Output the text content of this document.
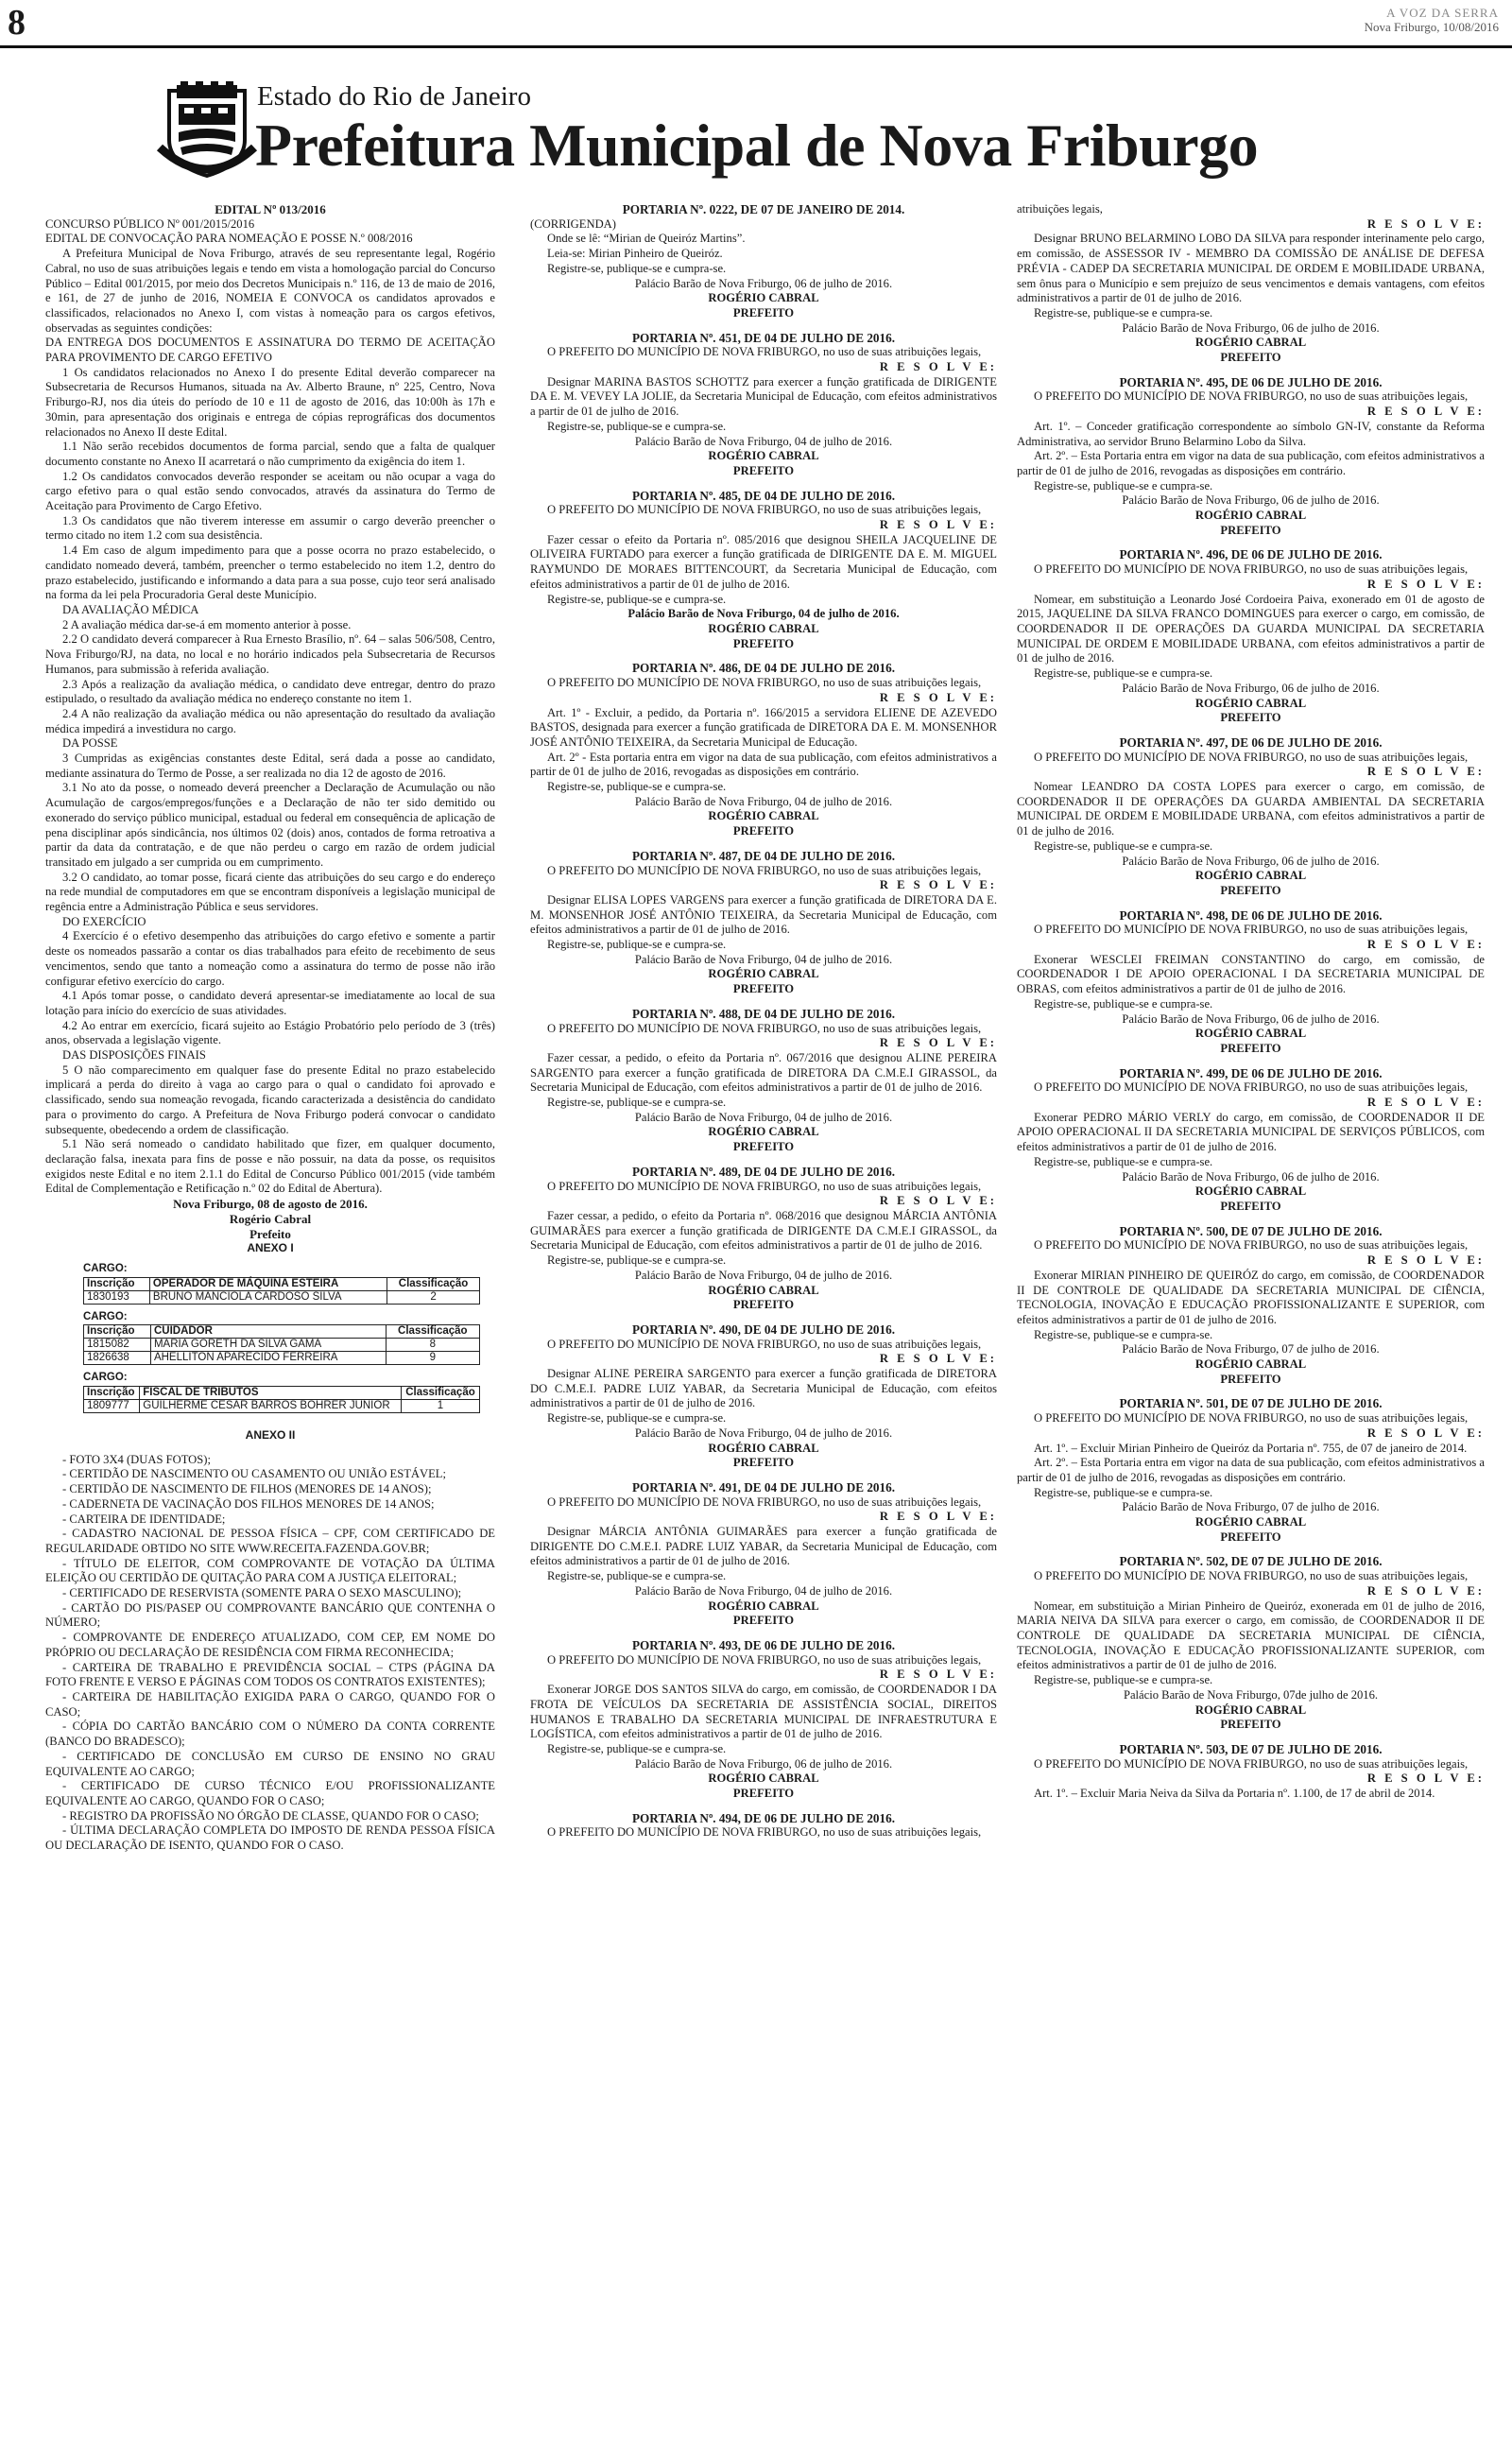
8	A VOZ DA SERRA
Nova Friburgo, 10/08/2016
Estado do Rio de Janeiro
Prefeitura Municipal de Nova Friburgo

EDITAL Nº 013/2016

CONCURSO PÚBLICO Nº 001/2015/2016

EDITAL DE CONVOCAÇÃO PARA NOMEAÇÃO E POSSE N.º 008/2016

A Prefeitura Municipal de Nova Friburgo, através de seu representante legal, Rogério Cabral, no uso de suas atribuições legais e tendo em vista a homologação parcial do Concurso Público – Edital 001/2015, por meio dos Decretos Municipais n.º 116, de 13 de maio de 2016, e 161, de 27 de junho de 2016, NOMEIA E CONVOCA os candidatos aprovados e classificados, relacionados no Anexo I, com vistas à nomeação para os cargos efetivos, observadas as seguintes condições:

DA ENTREGA DOS DOCUMENTOS E ASSINATURA DO TERMO DE ACEITAÇÃO PARA PROVIMENTO DE CARGO EFETIVO

1 Os candidatos relacionados no Anexo I do presente Edital deverão comparecer na Subsecretaria de Recursos Humanos, situada na Av. Alberto Braune, nº 225, Centro, Nova Friburgo-RJ, nos dia úteis do período de 10 e 11 de agosto de 2016, das 10:00h às 17h e 30min, para apresentação dos originais e entrega de cópias reprográficas dos documentos relacionados no Anexo II deste Edital.

1.1 Não serão recebidos documentos de forma parcial, sendo que a falta de qualquer documento constante no Anexo II acarretará o não cumprimento da exigência do item 1.

1.2 Os candidatos convocados deverão responder se aceitam ou não ocupar a vaga do cargo efetivo para o qual estão sendo convocados, através da assinatura do Termo de Aceitação para Provimento de Cargo Efetivo.

1.3 Os candidatos que não tiverem interesse em assumir o cargo deverão preencher o termo citado no item 1.2 com sua desistência.

1.4 Em caso de algum impedimento para que a posse ocorra no prazo estabelecido, o candidato nomeado deverá, também, preencher o termo estabelecido no item 1.2, dentro do prazo estabelecido, justificando e informando a data para a sua posse, cujo teor será analisado na forma da lei pela Procuradoria Geral deste Município.

DA AVALIAÇÃO MÉDICA

2 A avaliação médica dar-se-á em momento anterior à posse.

2.2 O candidato deverá comparecer à Rua Ernesto Brasílio, nº. 64 – salas 506/508, Centro, Nova Friburgo/RJ, na data, no local e no horário indicados pela Subsecretaria de Recursos Humanos, para submissão à referida avaliação.

2.3 Após a realização da avaliação médica, o candidato deve entregar, dentro do prazo estipulado, o resultado da avaliação médica no endereço constante no item 1.

2.4 A não realização da avaliação médica ou não apresentação do resultado da avaliação médica impedirá a investidura no cargo.

DA POSSE

3 Cumpridas as exigências constantes deste Edital, será dada a posse ao candidato, mediante assinatura do Termo de Posse, a ser realizada no dia 12 de agosto de 2016.

3.1 No ato da posse, o nomeado deverá preencher a Declaração de Acumulação ou não Acumulação de cargos/empregos/funções e a Declaração de não ter sido demitido ou exonerado do serviço público municipal, estadual ou federal em consequência de aplicação de pena disciplinar após sindicância, nos últimos 02 (dois) anos, contados de forma retroativa a partir da data da contratação, e de que não perdeu o cargo em razão de ordem judicial transitado em julgado a ser cumprida ou em cumprimento.

3.2 O candidato, ao tomar posse, ficará ciente das atribuições do seu cargo e do endereço na rede mundial de computadores em que se encontram disponíveis a legislação municipal de regência entre a Administração Pública e seus servidores.

DO EXERCÍCIO

4 Exercício é o efetivo desempenho das atribuições do cargo efetivo e somente a partir deste os nomeados passarão a contar os dias trabalhados para efeito de recebimento de seus vencimentos, sendo que tanto a nomeação como a assinatura do termo de posse não irão configurar efetivo exercício do cargo.

4.1 Após tomar posse, o candidato deverá apresentar-se imediatamente ao local de sua lotação para início do exercício de suas atividades.

4.2 Ao entrar em exercício, ficará sujeito ao Estágio Probatório pelo período de 3 (três) anos, observada a legislação vigente.

DAS DISPOSIÇÕES FINAIS

5 O não comparecimento em qualquer fase do presente Edital no prazo estabelecido implicará a perda do direito à vaga ao cargo para o qual o candidato foi aprovado e classificado, sendo sua nomeação revogada, ficando caracterizada a desistência do candidato para o provimento do cargo. A Prefeitura de Nova Friburgo poderá convocar o candidato subsequente, obedecendo a ordem de classificação.

5.1 Não será nomeado o candidato habilitado que fizer, em qualquer documento, declaração falsa, inexata para fins de posse e não possuir, na data da posse, os requisitos exigidos neste Edital e no item 2.1.1 do Edital de Concurso Público 001/2015 (vide também Edital de Complementação e Retificação n.º 02 do Edital de Abertura).

Nova Friburgo, 08 de agosto de 2016.

Rogério Cabral

Prefeito

ANEXO I

CARGO:
Inscrição	OPERADOR DE MÁQUINA ESTEIRA	Classificação
1830193	BRUNO MANCIOLA CARDOSO SILVA	2
CARGO:
Inscrição	CUIDADOR	Classificação
1815082	MARIA GORETH DA SILVA GAMA	8
1826638	AHELLITON APARECIDO FERREIRA	9
CARGO:
Inscrição	FISCAL DE TRIBUTOS	Classificação
1809777	GUILHERME CESAR BARROS BOHRER JUNIOR	1

ANEXO II

- FOTO 3X4 (DUAS FOTOS);

- CERTIDÃO DE NASCIMENTO OU CASAMENTO OU UNIÃO ESTÁVEL;

- CERTIDÃO DE NASCIMENTO DE FILHOS (MENORES DE 14 ANOS);

- CADERNETA DE VACINAÇÃO DOS FILHOS MENORES DE 14 ANOS;

- CARTEIRA DE IDENTIDADE;

- CADASTRO NACIONAL DE PESSOA FÍSICA – CPF, COM CERTIFICADO DE REGULARIDADE OBTIDO NO SITE WWW.RECEITA.FAZENDA.GOV.BR;

- TÍTULO DE ELEITOR, COM COMPROVANTE DE VOTAÇÃO DA ÚLTIMA ELEIÇÃO OU CERTIDÃO DE QUITAÇÃO PARA COM A JUSTIÇA ELEITORAL;

- CERTIFICADO DE RESERVISTA (SOMENTE PARA O SEXO MASCULINO);

- CARTÃO DO PIS/PASEP OU COMPROVANTE BANCÁRIO QUE CONTENHA O NÚMERO;

- COMPROVANTE DE ENDEREÇO ATUALIZADO, COM CEP, EM NOME DO PRÓPRIO OU DECLARAÇÃO DE RESIDÊNCIA COM FIRMA RECONHECIDA;

- CARTEIRA DE TRABALHO E PREVIDÊNCIA SOCIAL – CTPS (PÁGINA DA FOTO FRENTE E VERSO E PÁGINAS COM TODOS OS CONTRATOS EXISTENTES);

- CARTEIRA DE HABILITAÇÃO EXIGIDA PARA O CARGO, QUANDO FOR O CASO;

- CÓPIA DO CARTÃO BANCÁRIO COM O NÚMERO DA CONTA CORRENTE (BANCO DO BRADESCO);

- CERTIFICADO DE CONCLUSÃO EM CURSO DE ENSINO NO GRAU EQUIVALENTE AO CARGO;

- CERTIFICADO DE CURSO TÉCNICO E/OU PROFISSIONALIZANTE EQUIVALENTE AO CARGO, QUANDO FOR O CASO;

- REGISTRO DA PROFISSÃO NO ÓRGÃO DE CLASSE, QUANDO FOR O CASO;

- ÚLTIMA DECLARAÇÃO COMPLETA DO IMPOSTO DE RENDA PESSOA FÍSICA OU DECLARAÇÃO DE ISENTO, QUANDO FOR O CASO.

PORTARIA Nº. 0222, DE 07 DE JANEIRO DE 2014.

(CORRIGENDA)

Onde se lê: “Mirian de Queiróz Martins”.

Leia-se: Mirian Pinheiro de Queiróz.

Registre-se, publique-se e cumpra-se.

Palácio Barão de Nova Friburgo, 06 de julho de 2016.

ROGÉRIO CABRAL

PREFEITO

PORTARIA Nº. 451, DE 04 DE JULHO DE 2016.

O PREFEITO DO MUNICÍPIO DE NOVA FRIBURGO, no uso de suas atribuições legais,

R E S O L V E:

Designar MARINA BASTOS SCHOTTZ para exercer a função gratificada de DIRIGENTE DA E. M. VEVEY LA JOLIE, da Secretaria Municipal de Educação, com efeitos administrativos a partir de 01 de julho de 2016.

Registre-se, publique-se e cumpra-se.

Palácio Barão de Nova Friburgo, 04 de julho de 2016.

ROGÉRIO CABRAL

PREFEITO

PORTARIA Nº. 485, DE 04 DE JULHO DE 2016.

O PREFEITO DO MUNICÍPIO DE NOVA FRIBURGO, no uso de suas atribuições legais,

R E S O L V E:

Fazer cessar o efeito da Portaria nº. 085/2016 que designou SHEILA JACQUELINE DE OLIVEIRA FURTADO para exercer a função gratificada de DIRIGENTE DA E. M. MIGUEL RAYMUNDO DE MORAES BITTENCOURT, da Secretaria Municipal de Educação, com efeitos administrativos a partir de 01 de julho de 2016.

Registre-se, publique-se e cumpra-se.

Palácio Barão de Nova Friburgo, 04 de julho de 2016.

ROGÉRIO CABRAL

PREFEITO

PORTARIA Nº. 486, DE 04 DE JULHO DE 2016.

O PREFEITO DO MUNICÍPIO DE NOVA FRIBURGO, no uso de suas atribuições legais,

R E S O L V E:

Art. 1º - Excluir, a pedido, da Portaria nº. 166/2015 a servidora ELIENE DE AZEVEDO BASTOS, designada para exercer a função gratificada de DIRETORA DA E. M. MONSENHOR JOSÉ ANTÔNIO TEIXEIRA, da Secretaria Municipal de Educação.

Art. 2º - Esta portaria entra em vigor na data de sua publicação, com efeitos administrativos a partir de 01 de julho de 2016, revogadas as disposições em contrário.

Registre-se, publique-se e cumpra-se.

Palácio Barão de Nova Friburgo, 04 de julho de 2016.

ROGÉRIO CABRAL

PREFEITO

PORTARIA Nº. 487, DE 04 DE JULHO DE 2016.

O PREFEITO DO MUNICÍPIO DE NOVA FRIBURGO, no uso de suas atribuições legais,

R E S O L V E:

Designar ELISA LOPES VARGENS para exercer a função gratificada de DIRETORA DA E. M. MONSENHOR JOSÉ ANTÔNIO TEIXEIRA, da Secretaria Municipal de Educação, com efeitos administrativos a partir de 01 de julho de 2016.

Registre-se, publique-se e cumpra-se.

Palácio Barão de Nova Friburgo, 04 de julho de 2016.

ROGÉRIO CABRAL

PREFEITO

PORTARIA Nº. 488, DE 04 DE JULHO DE 2016.

O PREFEITO DO MUNICÍPIO DE NOVA FRIBURGO, no uso de suas atribuições legais,

R E S O L V E:

Fazer cessar, a pedido, o efeito da Portaria nº. 067/2016 que designou ALINE PEREIRA SARGENTO para exercer a função gratificada de DIRETORA DA C.M.E.I GIRASSOL, da Secretaria Municipal de Educação, com efeitos administrativos a partir de 01 de julho de 2016.

Registre-se, publique-se e cumpra-se.

Palácio Barão de Nova Friburgo, 04 de julho de 2016.

ROGÉRIO CABRAL

PREFEITO

PORTARIA Nº. 489, DE 04 DE JULHO DE 2016.

O PREFEITO DO MUNICÍPIO DE NOVA FRIBURGO, no uso de suas atribuições legais,

R E S O L V E:

Fazer cessar, a pedido, o efeito da Portaria nº. 068/2016 que designou MÁRCIA ANTÔNIA GUIMARÃES para exercer a função gratificada de DIRIGENTE DA C.M.E.I GIRASSOL, da Secretaria Municipal de Educação, com efeitos administrativos a partir de 01 de julho de 2016.

Registre-se, publique-se e cumpra-se.

Palácio Barão de Nova Friburgo, 04 de julho de 2016.

ROGÉRIO CABRAL

PREFEITO

PORTARIA Nº. 490, DE 04 DE JULHO DE 2016.

O PREFEITO DO MUNICÍPIO DE NOVA FRIBURGO, no uso de suas atribuições legais,

R E S O L V E:

Designar ALINE PEREIRA SARGENTO para exercer a função gratificada de DIRETORA DO C.M.E.I. PADRE LUIZ YABAR, da Secretaria Municipal de Educação, com efeitos administrativos a partir de 01 de julho de 2016.

Registre-se, publique-se e cumpra-se.

Palácio Barão de Nova Friburgo, 04 de julho de 2016.

ROGÉRIO CABRAL

PREFEITO

PORTARIA Nº. 491, DE 04 DE JULHO DE 2016.

O PREFEITO DO MUNICÍPIO DE NOVA FRIBURGO, no uso de suas atribuições legais,

R E S O L V E:

Designar MÁRCIA ANTÔNIA GUIMARÃES para exercer a função gratificada de DIRIGENTE DO C.M.E.I. PADRE LUIZ YABAR, da Secretaria Municipal de Educação, com efeitos administrativos a partir de 01 de julho de 2016.

Registre-se, publique-se e cumpra-se.

Palácio Barão de Nova Friburgo, 04 de julho de 2016.

ROGÉRIO CABRAL

PREFEITO

PORTARIA Nº. 493, DE 06 DE JULHO DE 2016.

O PREFEITO DO MUNICÍPIO DE NOVA FRIBURGO, no uso de suas atribuições legais,

R E S O L V E:

Exonerar JORGE DOS SANTOS SILVA do cargo, em comissão, de COORDENADOR I DA FROTA DE VEÍCULOS DA SECRETARIA DE ASSISTÊNCIA SOCIAL, DIREITOS HUMANOS E TRABALHO DA SECRETARIA MUNICIPAL DE INFRAESTRUTURA E LOGÍSTICA, com efeitos administrativos a partir de 01 de julho de 2016.

Registre-se, publique-se e cumpra-se.

Palácio Barão de Nova Friburgo, 06 de julho de 2016.

ROGÉRIO CABRAL

PREFEITO

PORTARIA Nº. 494, DE 06 DE JULHO DE 2016.

O PREFEITO DO MUNICÍPIO DE NOVA FRIBURGO, no uso de suas atribuições legais,

atribuições legais,

R E S O L V E:

Designar BRUNO BELARMINO LOBO DA SILVA para responder interinamente pelo cargo, em comissão, de ASSESSOR IV - MEMBRO DA COMISSÃO DE ANÁLISE DE DEFESA PRÉVIA - CADEP DA SECRETARIA MUNICIPAL DE ORDEM E MOBILIDADE URBANA, sem ônus para o Município e sem prejuízo de seus vencimentos e demais vantagens, com efeitos administrativos a partir de 01 de julho de 2016.

Registre-se, publique-se e cumpra-se.

Palácio Barão de Nova Friburgo, 06 de julho de 2016.

ROGÉRIO CABRAL

PREFEITO

PORTARIA Nº. 495, DE 06 DE JULHO DE 2016.

O PREFEITO DO MUNICÍPIO DE NOVA FRIBURGO, no uso de suas atribuições legais,

R E S O L V E:

Art. 1º. – Conceder gratificação correspondente ao símbolo GN-IV, constante da Reforma Administrativa, ao servidor Bruno Belarmino Lobo da Silva.

Art. 2º. – Esta Portaria entra em vigor na data de sua publicação, com efeitos administrativos a partir de 01 de julho de 2016, revogadas as disposições em contrário.

Registre-se, publique-se e cumpra-se.

Palácio Barão de Nova Friburgo, 06 de julho de 2016.

ROGÉRIO CABRAL

PREFEITO

PORTARIA Nº. 496, DE 06 DE JULHO DE 2016.

O PREFEITO DO MUNICÍPIO DE NOVA FRIBURGO, no uso de suas atribuições legais,

R E S O L V E:

Nomear, em substituição a Leonardo José Cordoeira Paiva, exonerado em 01 de agosto de 2015, JAQUELINE DA SILVA FRANCO DOMINGUES para exercer o cargo, em comissão, de COORDENADOR II DE OPERAÇÕES DA GUARDA MUNICIPAL DA SECRETARIA MUNICIPAL DE ORDEM E MOBILIDADE URBANA, com efeitos administrativos a partir de 01 de julho de 2016.

Registre-se, publique-se e cumpra-se.

Palácio Barão de Nova Friburgo, 06 de julho de 2016.

ROGÉRIO CABRAL

PREFEITO

PORTARIA Nº. 497, DE 06 DE JULHO DE 2016.

O PREFEITO DO MUNICÍPIO DE NOVA FRIBURGO, no uso de suas atribuições legais,

R E S O L V E:

Nomear LEANDRO DA COSTA LOPES para exercer o cargo, em comissão, de COORDENADOR II DE OPERAÇÕES DA GUARDA AMBIENTAL DA SECRETARIA MUNICIPAL DE ORDEM E MOBILIDADE URBANA, com efeitos administrativos a partir de 01 de julho de 2016.

Registre-se, publique-se e cumpra-se.

Palácio Barão de Nova Friburgo, 06 de julho de 2016.

ROGÉRIO CABRAL

PREFEITO

PORTARIA Nº. 498, DE 06 DE JULHO DE 2016.

O PREFEITO DO MUNICÍPIO DE NOVA FRIBURGO, no uso de suas atribuições legais,

R E S O L V E:

Exonerar WESCLEI FREIMAN CONSTANTINO do cargo, em comissão, de COORDENADOR I DE APOIO OPERACIONAL I DA SECRETARIA MUNICIPAL DE OBRAS, com efeitos administrativos a partir de 01 de julho de 2016.

Registre-se, publique-se e cumpra-se.

Palácio Barão de Nova Friburgo, 06 de julho de 2016.

ROGÉRIO CABRAL

PREFEITO

PORTARIA Nº. 499, DE 06 DE JULHO DE 2016.

O PREFEITO DO MUNICÍPIO DE NOVA FRIBURGO, no uso de suas atribuições legais,

R E S O L V E:

Exonerar PEDRO MÁRIO VERLY do cargo, em comissão, de COORDENADOR II DE APOIO OPERACIONAL II DA SECRETARIA MUNICIPAL DE SERVIÇOS PÚBLICOS, com efeitos administrativos a partir de 01 de julho de 2016.

Registre-se, publique-se e cumpra-se.

Palácio Barão de Nova Friburgo, 06 de julho de 2016.

ROGÉRIO CABRAL

PREFEITO

PORTARIA Nº. 500, DE 07 DE JULHO DE 2016.

O PREFEITO DO MUNICÍPIO DE NOVA FRIBURGO, no uso de suas atribuições legais,

R E S O L V E:

Exonerar MIRIAN PINHEIRO DE QUEIRÓZ do cargo, em comissão, de COORDENADOR II DE CONTROLE DE QUALIDADE DA SECRETARIA MUNICIPAL DE CIÊNCIA, TECNOLOGIA, INOVAÇÃO E EDUCAÇÃO PROFISSIONALIZANTE E SUPERIOR, com efeitos administrativos a partir de 01 de julho de 2016.

Registre-se, publique-se e cumpra-se.

Palácio Barão de Nova Friburgo, 07 de julho de 2016.

ROGÉRIO CABRAL

PREFEITO

PORTARIA Nº. 501, DE 07 DE JULHO DE 2016.

O PREFEITO DO MUNICÍPIO DE NOVA FRIBURGO, no uso de suas atribuições legais,

R E S O L V E:

Art. 1º. – Excluir Mirian Pinheiro de Queiróz da Portaria nº. 755, de 07 de janeiro de 2014.

Art. 2º. – Esta Portaria entra em vigor na data de sua publicação, com efeitos administrativos a partir de 01 de julho de 2016, revogadas as disposições em contrário.

Registre-se, publique-se e cumpra-se.

Palácio Barão de Nova Friburgo, 07 de julho de 2016.

ROGÉRIO CABRAL

PREFEITO

PORTARIA Nº. 502, DE 07 DE JULHO DE 2016.

O PREFEITO DO MUNICÍPIO DE NOVA FRIBURGO, no uso de suas atribuições legais,

R E S O L V E:

Nomear, em substituição a Mirian Pinheiro de Queiróz, exonerada em 01 de julho de 2016, MARIA NEIVA DA SILVA para exercer o cargo, em comissão, de COORDENADOR II DE CONTROLE DE QUALIDADE DA SECRETARIA MUNICIPAL DE CIÊNCIA, TECNOLOGIA, INOVAÇÃO E EDUCAÇÃO PROFISSIONALIZANTE SUPERIOR, com efeitos administrativos a partir de 01 de julho de 2016.

Registre-se, publique-se e cumpra-se.

Palácio Barão de Nova Friburgo, 07de julho de 2016.

ROGÉRIO CABRAL

PREFEITO

PORTARIA Nº. 503, DE 07 DE JULHO DE 2016.

O PREFEITO DO MUNICÍPIO DE NOVA FRIBURGO, no uso de suas atribuições legais,

R E S O L V E:

Art. 1º. – Excluir Maria Neiva da Silva da Portaria nº. 1.100, de 17 de abril de 2014.
